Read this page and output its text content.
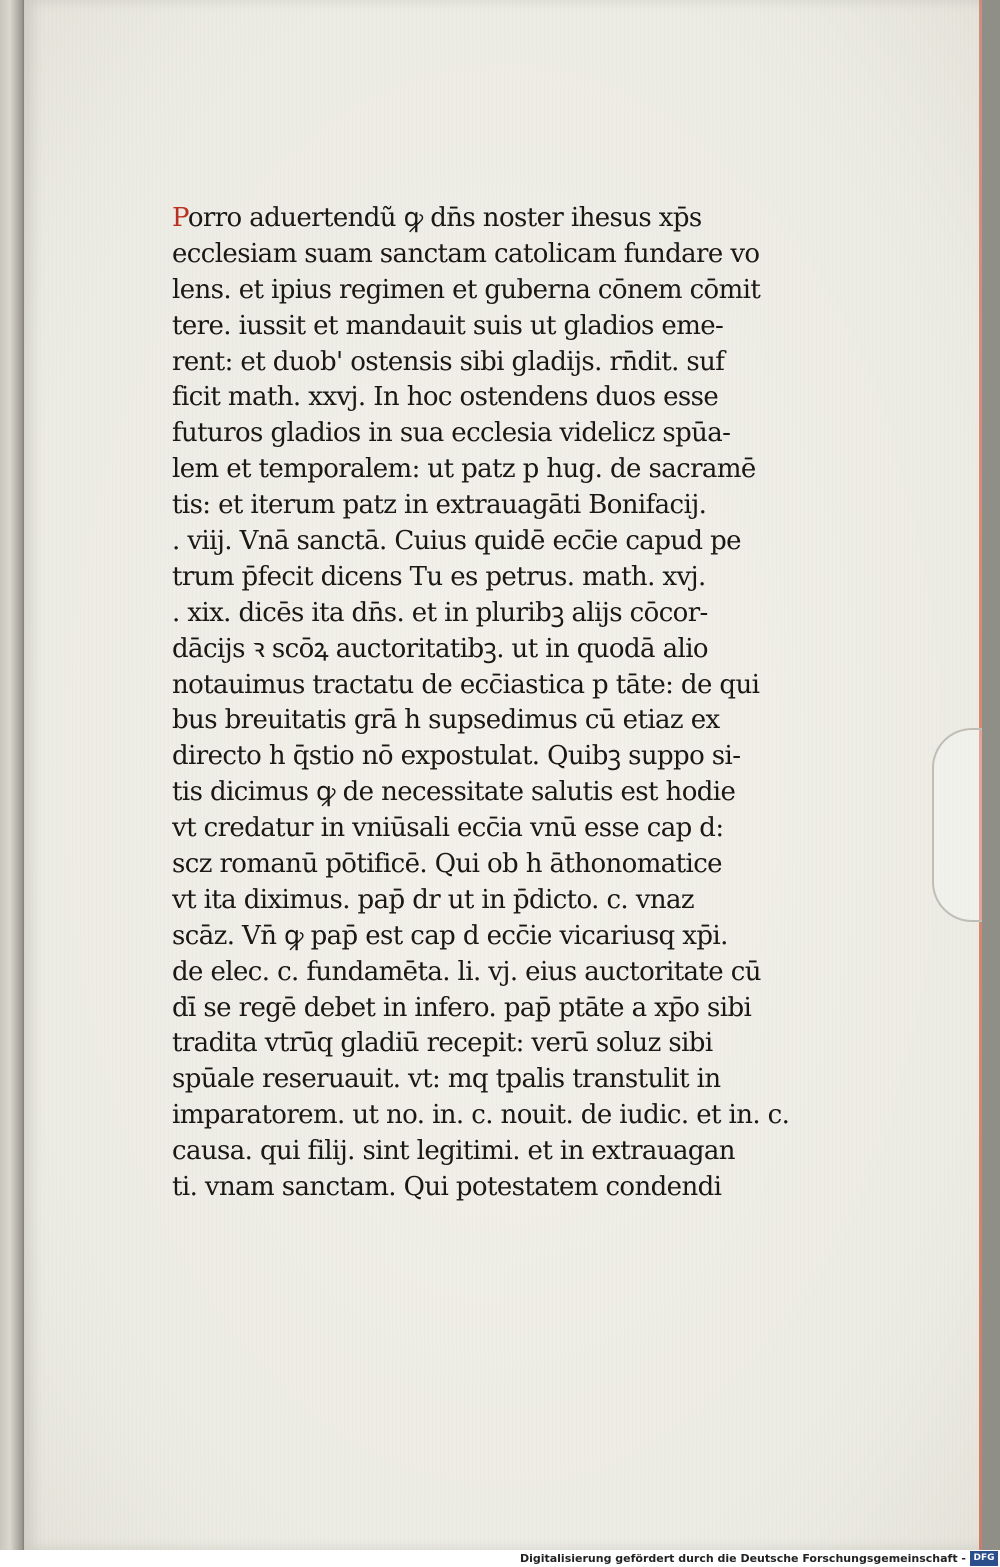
Porro aduertendũ ꝙ dn̄s noster ihesus xp̄s
ecclesiam suam sanctam catolicam fundare vo
lens. et ipius regimen et guberna cōnem cōmit
tere. iussit et mandauit suis ut gladios eme-
rent: et duob' ostensis sibi gladijs. rn̄dit. suf
ficit math. xxvj. In hoc ostendens duos esse
futuros gladios in sua ecclesia videlicz spūa-
lem et temporalem: ut patz p hug. de sacramē
tis: et iterum patz in extrauagāti Bonifacij.
. viij. Vnā sanctā. Cuius quidē ecc̄ie capud pe
trum p̄fecit dicens Tu es petrus. math. xvj.
. xix. dicēs ita dn̄s. et in pluribꝫ alijs cōcor-
dācijs ꝛ scōꝝ auctoritatibꝫ. ut in quodā alio
notauimus tractatu de ecc̄iastica p tāte: de qui
bus breuitatis grā h supsedimus cū etiaz ex
directo h q̄stio nō expostulat. Quibꝫ suppo si-
tis dicimus ꝙ de necessitate salutis est hodie
vt credatur in vniūsali ecc̄ia vnū esse cap d:
scz romanū pōtificē. Qui ob h āthonomatice
vt ita diximus. pap̄ dr ut in p̄dicto. c. vnaz
scāz. Vn̄ ꝙ pap̄ est cap d ecc̄ie vicariusq xp̄i.
de elec. c. fundamēta. li. vj. eius auctoritate cū
dī se regē debet in infero. pap̄ ptāte a xp̄o sibi
tradita vtrūq gladiū recepit: verū soluz sibi
spūale reseruauit. vt: mq tpalis transtulit in
imparatorem. ut no. in. c. nouit. de iudic. et in. c.
causa. qui filij. sint legitimi. et in extrauagan
ti. vnam sanctam. Qui potestatem condendi
Digitalisierung gefördert durch die Deutsche Forschungsgemeinschaft - DFG
